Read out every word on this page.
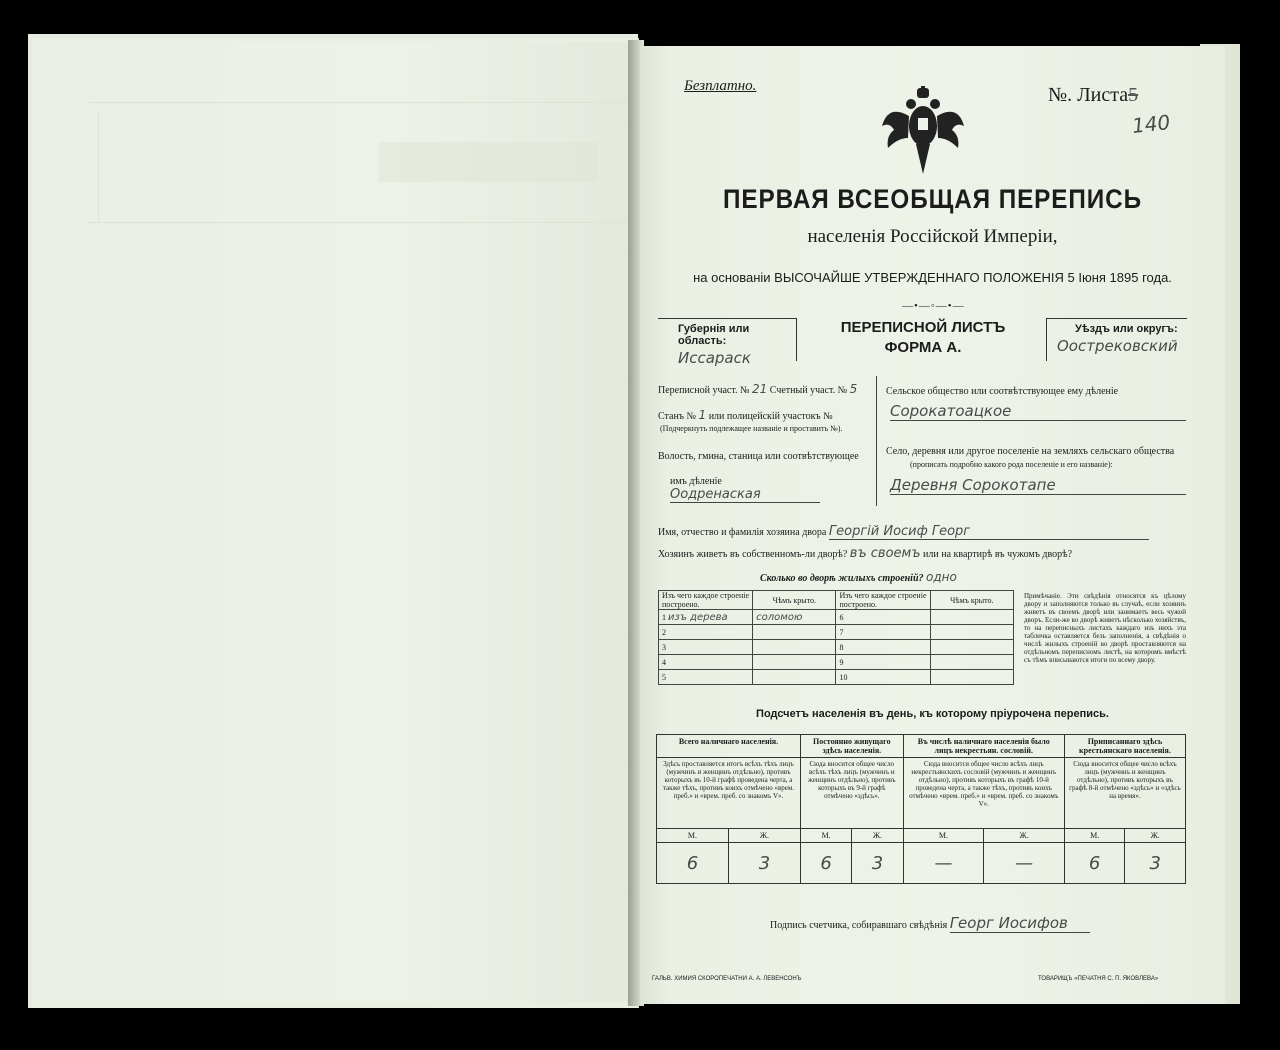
Безплатно.	№. Листа5
140
ПЕРВАЯ ВСЕОБЩАЯ ПЕРЕПИСЬ
населенія Россійской Имперіи,
на основаніи ВЫСОЧАЙШЕ УТВЕРЖДЕННАГО ПОЛОЖЕНІЯ 5 Іюня 1895 года.
—•—◦—•—
Губернія или область:
Иссараск
ПЕРЕПИСНОЙ ЛИСТЪ
ФОРМА А.
Уѣздъ или округъ:
Оострековский
Переписной участ. № 21 Счетный участ. № 5
Станъ № 1 или полицейскій участокъ №
(Подчеркнуть подлежащее названіе и проставить №).
Волость, гмина, станица или соотвѣтствующее
имъ дѣленіе Оодренаская
Сельское общество или соотвѣтствующее ему дѣленіе
Сорокатоацкое
Село, деревня или другое поселеніе на земляхъ сельскаго общества
(прописать подробно какого рода поселеніе и его названіе):
Деревня Сорокотапе
Имя, отчество и фамилія хозяина двора Георгій Иосиф Георг
Хозяинъ живетъ въ собственномъ-ли дворѣ? въ своемъ или на квартирѣ въ чужомъ дворѣ?
Сколько во дворѣ жилыхъ строеній? одно
Изъ чего каждое строеніе построено.	Чѣмъ крыто.	Изъ чего каждое строеніе построено.	Чѣмъ крыто.
1 изъ дерева	соломою	6	
2		7	
3		8	
4		9	
5		10	
Примѣчаніе. Эти свѣдѣнія относятся къ цѣлому двору и заполняются только въ случаѣ, если хозяинъ живетъ въ своемъ дворѣ или занимаетъ весь чужой дворъ. Если-же во дворѣ живетъ нѣсколько хозяйствъ, то на переписныхъ листахъ каждаго изъ нихъ эта табличка оставляется безъ заполненія, а свѣдѣнія о числѣ жилыхъ строеній во дворѣ проставляются на отдѣльномъ переписномъ листѣ, на которомъ вмѣстѣ съ тѣмъ вписываются итоги по всему двору.
Подсчетъ населенія въ день, къ которому пріурочена перепись.
Всего наличнаго населенія.		Постоянно живущаго здѣсь населенія.		Въ числѣ наличнаго населенія было лицъ некрестьян. сословій.		Приписаннаго здѣсь крестьянскаго населенія.	
Здѣсь проставляется итогъ всѣхъ тѣхъ лицъ (мужчинъ и женщинъ отдѣльно), противъ которыхъ въ 10-й графѣ проведена черта, а также тѣхъ, противъ коихъ отмѣчено «врем. преб.» и «врем. преб. со знакомъ V».		Сюда вносится общее число всѣхъ тѣхъ лицъ (мужчинъ и женщинъ отдѣльно), противъ которыхъ въ 9-й графѣ отмѣчено «здѣсь».		Сюда вносится общее число всѣхъ лицъ некрестьянскихъ сословій (мужчинъ и женщинъ отдѣльно), противъ которыхъ въ графѣ 10-й проведена черта, а также тѣхъ, противъ коихъ отмѣчено «врем. преб.» и «врем. преб. со знакомъ V».		Сюда вносится общее число всѣхъ лицъ (мужчинъ и женщинъ отдѣльно), противъ которыхъ въ графѣ 8-й отмѣчено «здѣсь» и «здѣсь на время».	
М.	Ж.	М.	Ж.	М.	Ж.	М.	Ж.
6	3	6	3	—	—	6	3
Подпись счетчика, собиравшаго свѣдѣнія Георг Иосифов
ГАЛЬВ. ХИМИЯ СКОРОПЕЧАТНИ А. А. ЛЕВЕНСОНЪ	ТОВАРИЩЪ «ПЕЧАТНЯ С. П. ЯКОВЛЕВА»
